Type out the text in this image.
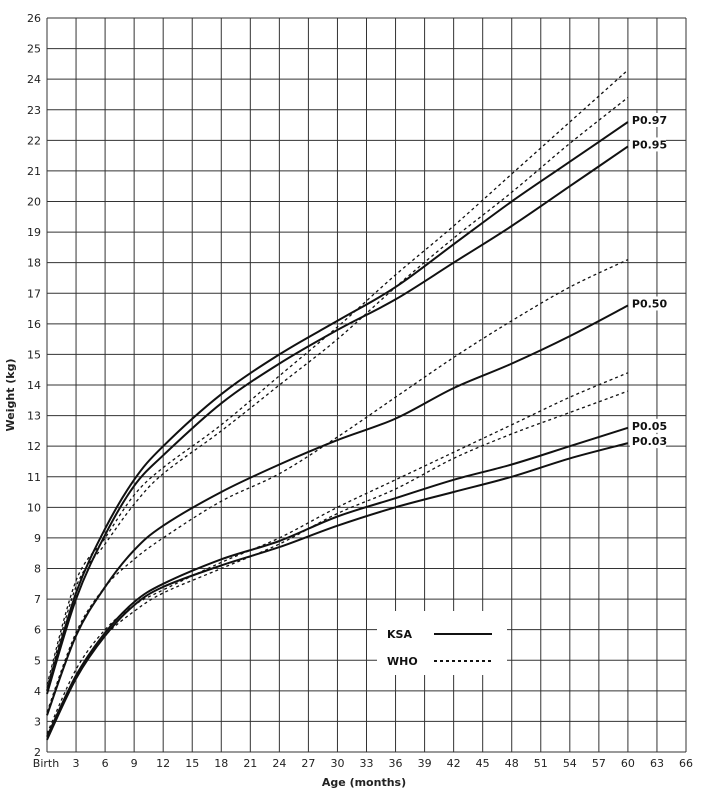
2
3
4
5
6
7
8
9
10
11
12
13
14
15
16
17
18
19
20
21
22
23
24
25
26
Birth 3 6 9 12 15 18 21 24 27 30 33 36 39 42 45 48 51 54 57 60 63 66
P0.97
P0.95
P0.50
P0.05
P0.03
Weight (kg)
Age (months)
KSA
WHO
